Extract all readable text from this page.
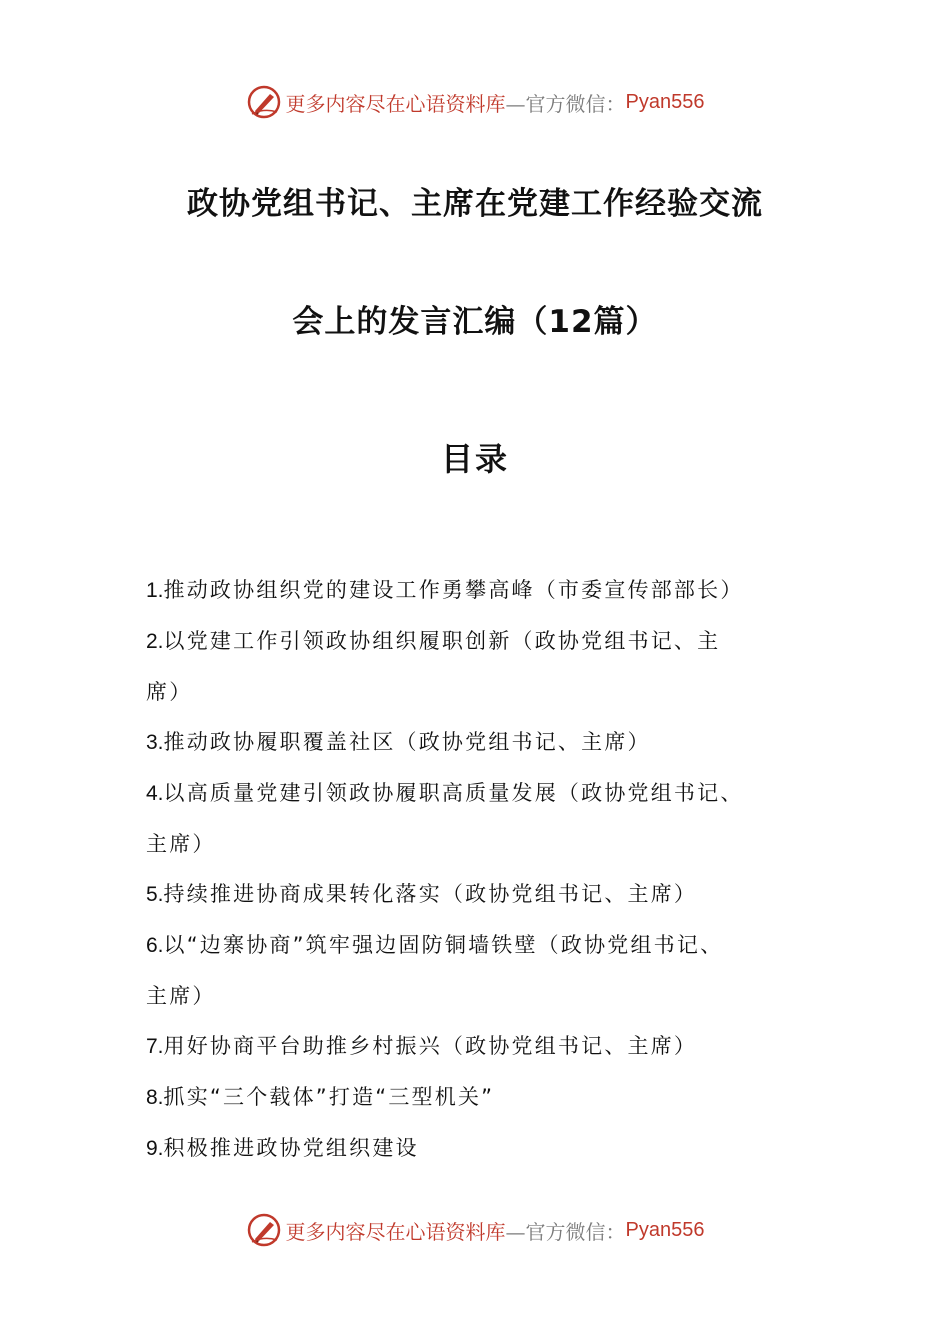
更多内容尽在心语资料库 —官方微信： Pyan556
政协党组书记、主席在党建工作经验交流
会上的发言汇编（12篇）
目录
1.推动政协组织党的建设工作勇攀高峰（市委宣传部部长）
2.以党建工作引领政协组织履职创新（政协党组书记、主
席）
3.推动政协履职覆盖社区（政协党组书记、主席）
4.以高质量党建引领政协履职高质量发展（政协党组书记、
主席）
5.持续推进协商成果转化落实（政协党组书记、主席）
6.以“边寨协商”筑牢强边固防铜墙铁壁（政协党组书记、
主席）
7.用好协商平台助推乡村振兴（政协党组书记、主席）
8.抓实“三个载体”打造“三型机关”
9.积极推进政协党组织建设
更多内容尽在心语资料库 —官方微信： Pyan556
